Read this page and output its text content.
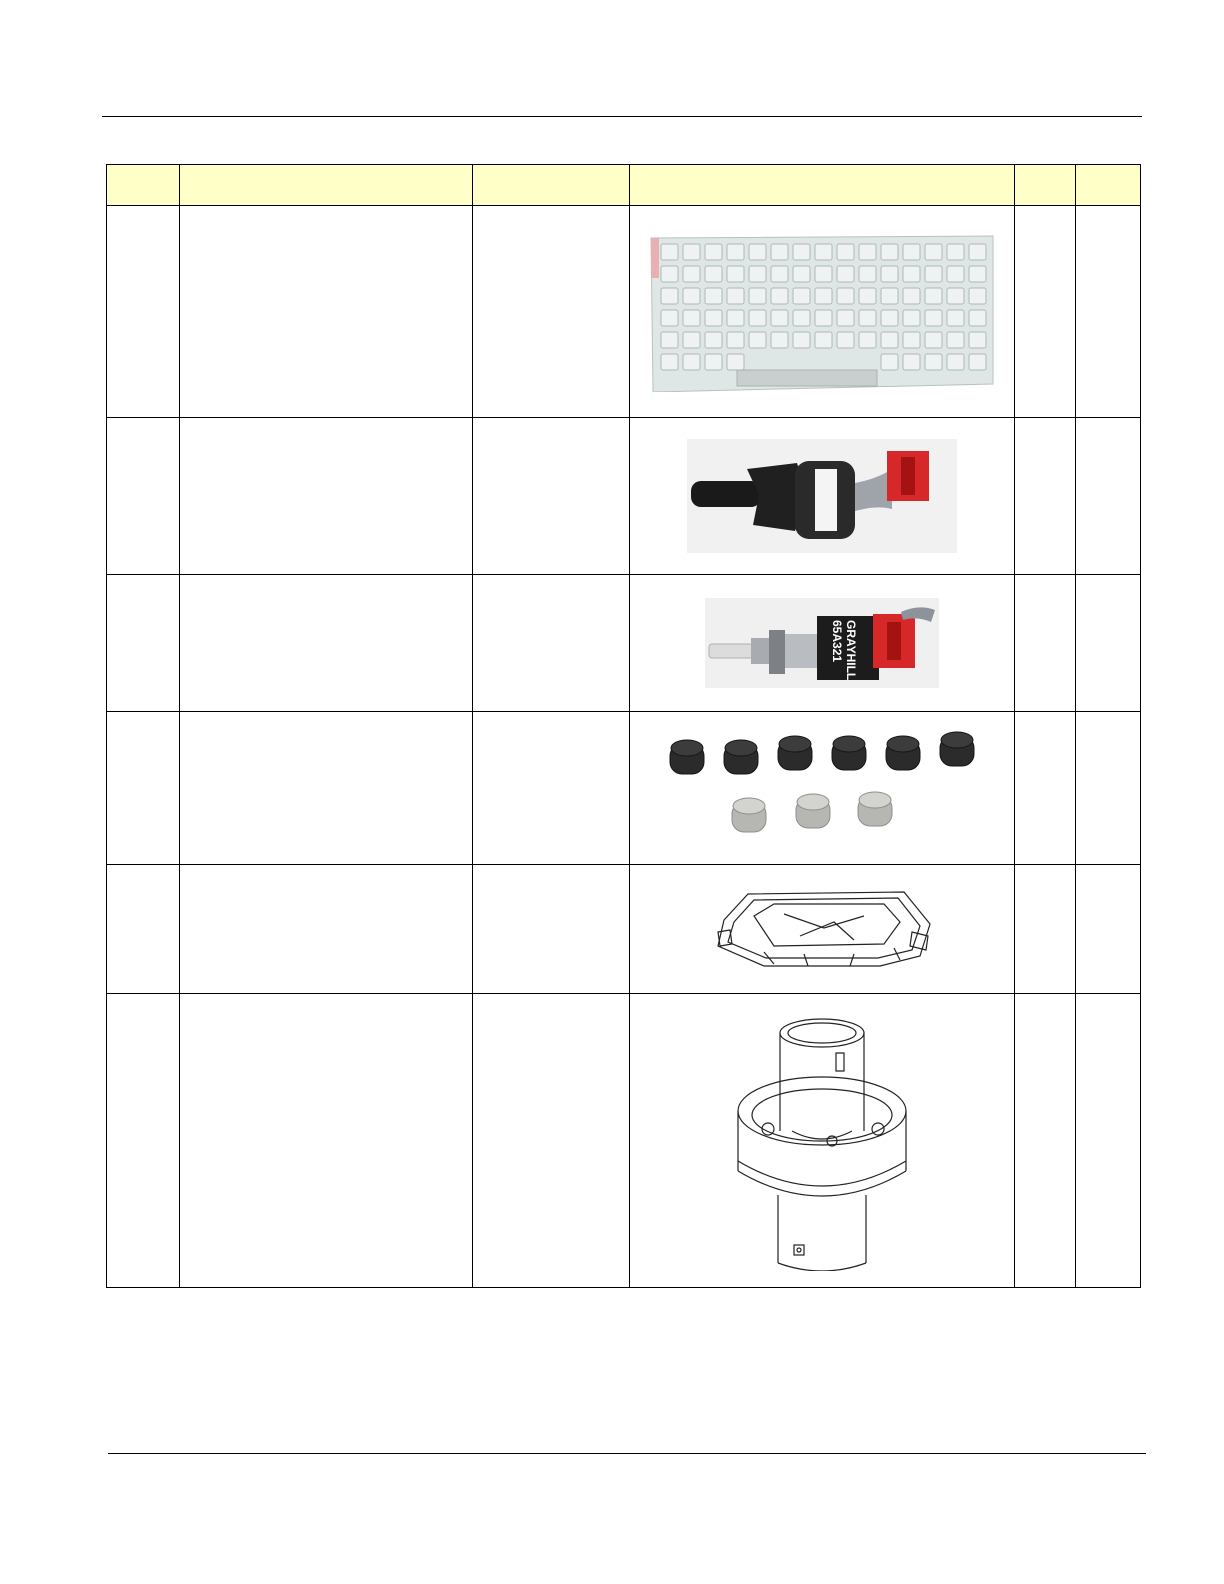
GRAYHILL
65A321		
